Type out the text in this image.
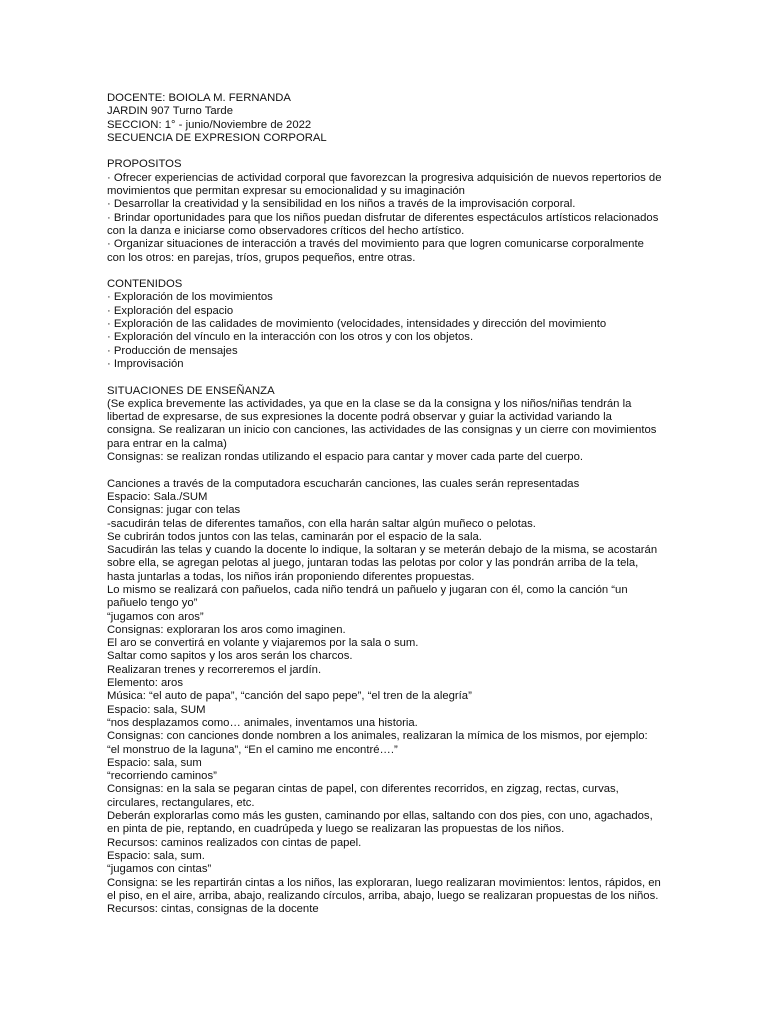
DOCENTE: BOIOLA M. FERNANDA

JARDIN 907 Turno Tarde

SECCION: 1° - junio/Noviembre de 2022

SECUENCIA DE EXPRESION CORPORAL

PROPOSITOS

· Ofrecer experiencias de actividad corporal que favorezcan la progresiva adquisición de nuevos repertorios de movimientos que permitan expresar su emocionalidad y su imaginación

· Desarrollar la creatividad y la sensibilidad en los niños a través de la improvisación corporal.

· Brindar oportunidades para que los niños puedan disfrutar de diferentes espectáculos artísticos relacionados con la danza e iniciarse como observadores críticos del hecho artístico.

· Organizar situaciones de interacción a través del movimiento para que logren comunicarse corporalmente con los otros: en parejas, tríos, grupos pequeños, entre otras.

CONTENIDOS

· Exploración de los movimientos

· Exploración del espacio

· Exploración de las calidades de movimiento (velocidades, intensidades y dirección del movimiento

· Exploración del vínculo en la interacción con los otros y con los objetos.

· Producción de mensajes

· Improvisación

SITUACIONES DE ENSEÑANZA

(Se explica brevemente las actividades, ya que en la clase se da la consigna y los niños/niñas tendrán la libertad de expresarse, de sus expresiones la docente podrá observar y guiar la actividad variando la consigna. Se realizaran un inicio con canciones, las actividades de las consignas y un cierre con movimientos para entrar en la calma)

Consignas: se realizan rondas utilizando el espacio para cantar y mover cada parte del cuerpo.

Canciones a través de la computadora escucharán canciones, las cuales serán representadas

Espacio: Sala./SUM

Consignas: jugar con telas

-sacudirán telas de diferentes tamaños, con ella harán saltar algún muñeco o pelotas.

Se cubrirán todos juntos con las telas, caminarán por el espacio de la sala.

Sacudirán las telas y cuando la docente lo indique, la soltaran y se meterán debajo de la misma, se acostarán sobre ella, se agregan pelotas al juego, juntaran todas las pelotas por color y las pondrán arriba de la tela, hasta juntarlas a todas, los niños irán proponiendo diferentes propuestas.

Lo mismo se realizará con pañuelos, cada niño tendrá un pañuelo y jugaran con él, como la canción “un pañuelo tengo yo”

“jugamos con aros”

Consignas: exploraran los aros como imaginen.

El aro se convertirá en volante y viajaremos por la sala o sum.

Saltar como sapitos y los aros serán los charcos.

Realizaran trenes y recorreremos el jardín.

Elemento: aros

Música: “el auto de papa”, “canción del sapo pepe”, “el tren de la alegría”

Espacio: sala, SUM

“nos desplazamos como… animales, inventamos una historia.

Consignas: con canciones donde nombren a los animales, realizaran la mímica de los mismos, por ejemplo: “el monstruo de la laguna”, “En el camino me encontré….”

Espacio: sala, sum

“recorriendo caminos”

Consignas: en la sala se pegaran cintas de papel, con diferentes recorridos, en zigzag, rectas, curvas, circulares, rectangulares, etc.

Deberán explorarlas como más les gusten, caminando por ellas, saltando con dos pies, con uno, agachados, en pinta de pie, reptando, en cuadrúpeda y luego se realizaran las propuestas de los niños.

Recursos: caminos realizados con cintas de papel.

Espacio: sala, sum.

“jugamos con cintas”

Consigna: se les repartirán cintas a los niños, las exploraran, luego realizaran movimientos: lentos, rápidos, en el piso, en el aire, arriba, abajo, realizando círculos, arriba, abajo, luego se realizaran propuestas de los niños.

Recursos: cintas, consignas de la docente
